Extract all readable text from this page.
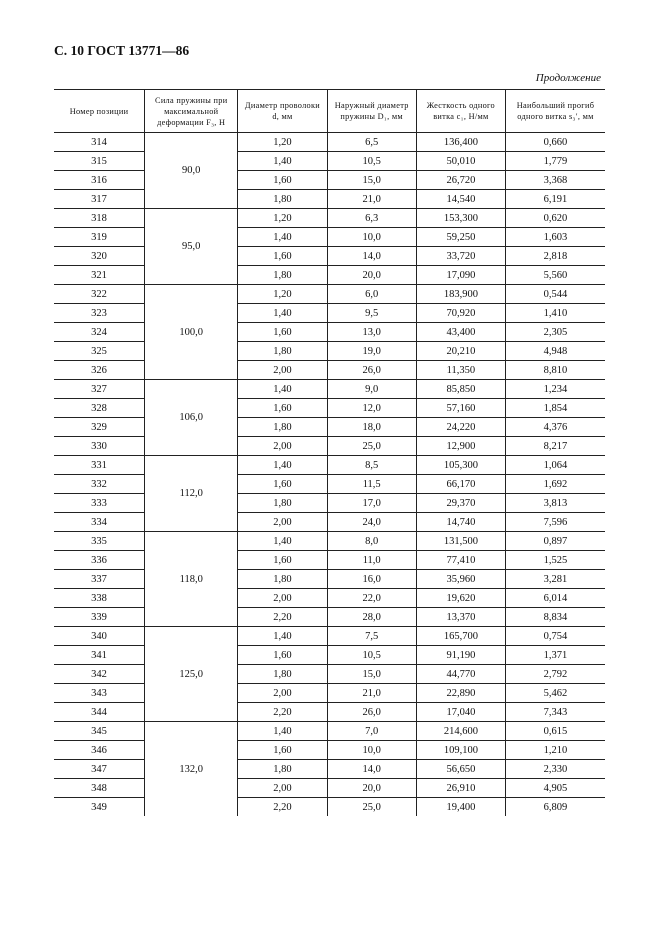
С. 10 ГОСТ 13771—86
Продолжение
Номер позиции	Сила пружины при максимальной деформации F₃, Н	Диаметр проволоки d, мм	Наружный диаметр пружины D₁, мм	Жесткость одного витка c₁, Н/мм	Наибольший прогиб одного витка s₃′, мм
314	90,0	1,20	6,5	136,400	0,660
315		1,40	10,5	50,010	1,779
316		1,60	15,0	26,720	3,368
317		1,80	21,0	14,540	6,191
318	95,0	1,20	6,3	153,300	0,620
319		1,40	10,0	59,250	1,603
320		1,60	14,0	33,720	2,818
321		1,80	20,0	17,090	5,560
322	100,0	1,20	6,0	183,900	0,544
323		1,40	9,5	70,920	1,410
324		1,60	13,0	43,400	2,305
325		1,80	19,0	20,210	4,948
326		2,00	26,0	11,350	8,810
327	106,0	1,40	9,0	85,850	1,234
328		1,60	12,0	57,160	1,854
329		1,80	18,0	24,220	4,376
330		2,00	25,0	12,900	8,217
331	112,0	1,40	8,5	105,300	1,064
332		1,60	11,5	66,170	1,692
333		1,80	17,0	29,370	3,813
334		2,00	24,0	14,740	7,596
335	118,0	1,40	8,0	131,500	0,897
336		1,60	11,0	77,410	1,525
337		1,80	16,0	35,960	3,281
338		2,00	22,0	19,620	6,014
339		2,20	28,0	13,370	8,834
340	125,0	1,40	7,5	165,700	0,754
341		1,60	10,5	91,190	1,371
342		1,80	15,0	44,770	2,792
343		2,00	21,0	22,890	5,462
344		2,20	26,0	17,040	7,343
345	132,0	1,40	7,0	214,600	0,615
346		1,60	10,0	109,100	1,210
347		1,80	14,0	56,650	2,330
348		2,00	20,0	26,910	4,905
349		2,20	25,0	19,400	6,809
